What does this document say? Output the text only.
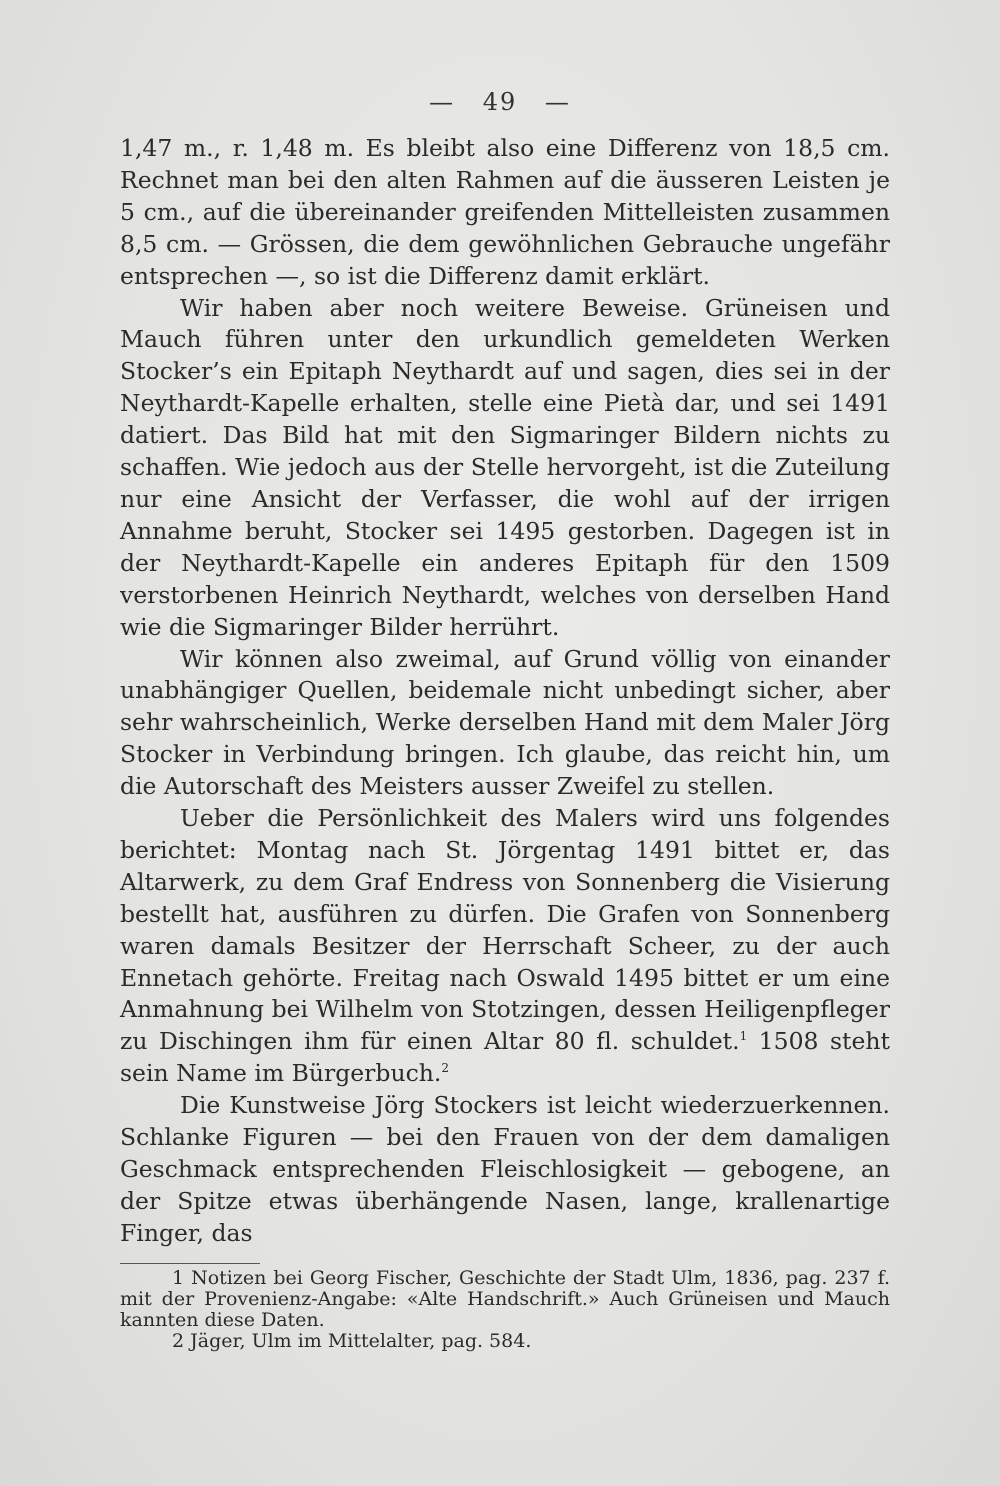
— 49 —

1,47 m., r. 1,48 m. Es bleibt also eine Differenz von 18,5 cm. Rechnet man bei den alten Rahmen auf die äusseren Leisten je 5 cm., auf die übereinander greifenden Mittelleisten zusammen 8,5 cm. — Grössen, die dem gewöhnlichen Gebrauche ungefähr entsprechen —, so ist die Differenz damit erklärt.

Wir haben aber noch weitere Beweise. Grüneisen und Mauch führen unter den urkundlich gemeldeten Werken Stocker’s ein Epitaph Neythardt auf und sagen, dies sei in der Neythardt-Kapelle erhalten, stelle eine Pietà dar, und sei 1491 datiert. Das Bild hat mit den Sigmaringer Bildern nichts zu schaffen. Wie jedoch aus der Stelle hervorgeht, ist die Zuteilung nur eine Ansicht der Verfasser, die wohl auf der irrigen Annahme beruht, Stocker sei 1495 gestorben. Dagegen ist in der Neythardt-Kapelle ein anderes Epitaph für den 1509 verstorbenen Heinrich Neythardt, welches von derselben Hand wie die Sigmaringer Bilder herrührt.

Wir können also zweimal, auf Grund völlig von einander unabhängiger Quellen, beidemale nicht unbedingt sicher, aber sehr wahrscheinlich, Werke derselben Hand mit dem Maler Jörg Stocker in Verbindung bringen. Ich glaube, das reicht hin, um die Autorschaft des Meisters ausser Zweifel zu stellen.

Ueber die Persönlichkeit des Malers wird uns folgendes berichtet: Montag nach St. Jörgentag 1491 bittet er, das Altarwerk, zu dem Graf Endress von Sonnenberg die Visierung bestellt hat, ausführen zu dürfen. Die Grafen von Sonnenberg waren damals Besitzer der Herrschaft Scheer, zu der auch Ennetach gehörte. Freitag nach Oswald 1495 bittet er um eine Anmahnung bei Wilhelm von Stotzingen, dessen Heiligenpfleger zu Dischingen ihm für einen Altar 80 fl. schuldet.$^1$ 1508 steht sein Name im Bürgerbuch.$^2$

Die Kunstweise Jörg Stockers ist leicht wiederzuerkennen. Schlanke Figuren — bei den Frauen von der dem damaligen Geschmack entsprechenden Fleischlosigkeit — gebogene, an der Spitze etwas überhängende Nasen, lange, krallenartige Finger, das

1 Notizen bei Georg Fischer, Geschichte der Stadt Ulm, 1836, pag. 237 f. mit der Provenienz-Angabe: «Alte Handschrift.» Auch Grüneisen und Mauch kannten diese Daten.

2 Jäger, Ulm im Mittelalter, pag. 584.
